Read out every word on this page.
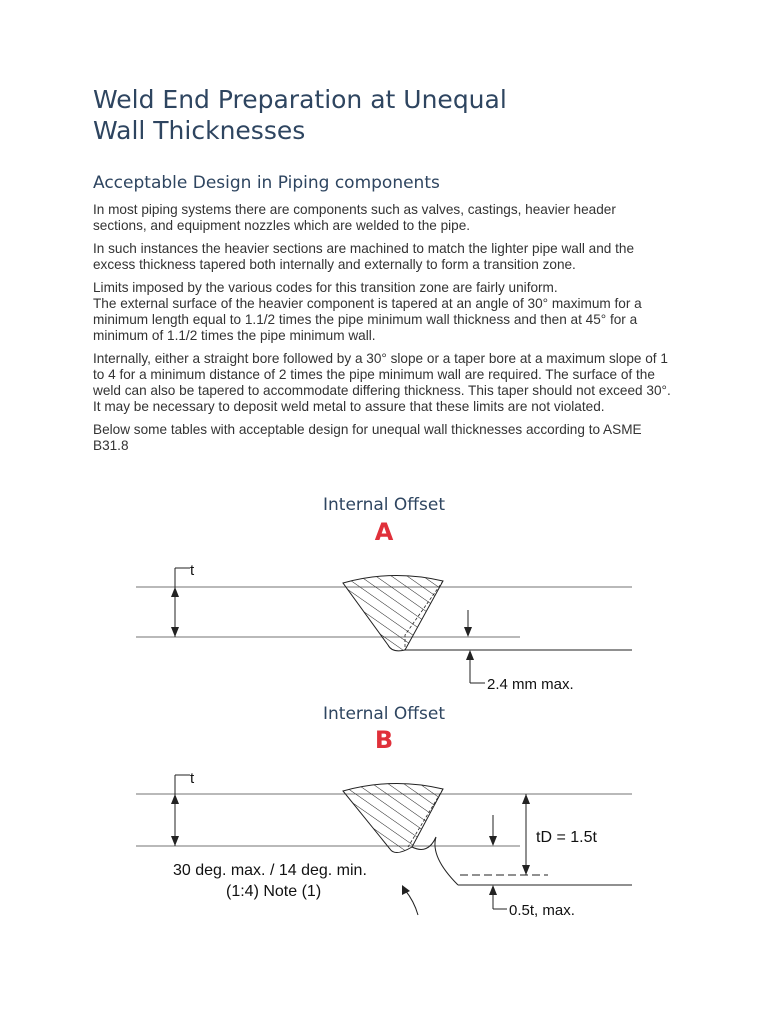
Weld End Preparation at Unequal
Wall Thicknesses
Acceptable Design in Piping components

In most piping systems there are components such as valves, castings, heavier header sections, and equipment nozzles which are welded to the pipe.

In such instances the heavier sections are machined to match the lighter pipe wall and the excess thickness tapered both internally and externally to form a transition zone.

Limits imposed by the various codes for this transition zone are fairly uniform.
The external surface of the heavier component is tapered at an angle of 30° maximum for a minimum length equal to 1.1/2 times the pipe minimum wall thickness and then at 45° for a minimum of 1.1/2 times the pipe minimum wall.

Internally, either a straight bore followed by a 30° slope or a taper bore at a maximum slope of 1 to 4 for a minimum distance of 2 times the pipe minimum wall are required. The surface of the weld can also be tapered to accommodate differing thickness. This taper should not exceed 30°. It may be necessary to deposit weld metal to assure that these limits are not violated.

Below some tables with acceptable design for unequal wall thicknesses according to ASME B31.8

Internal Offset
A
t
2.4 mm max.
Internal Offset
B
t
tD = 1.5t
0.5t, max.
30 deg. max. / 14 deg. min.
(1:4) Note (1)
